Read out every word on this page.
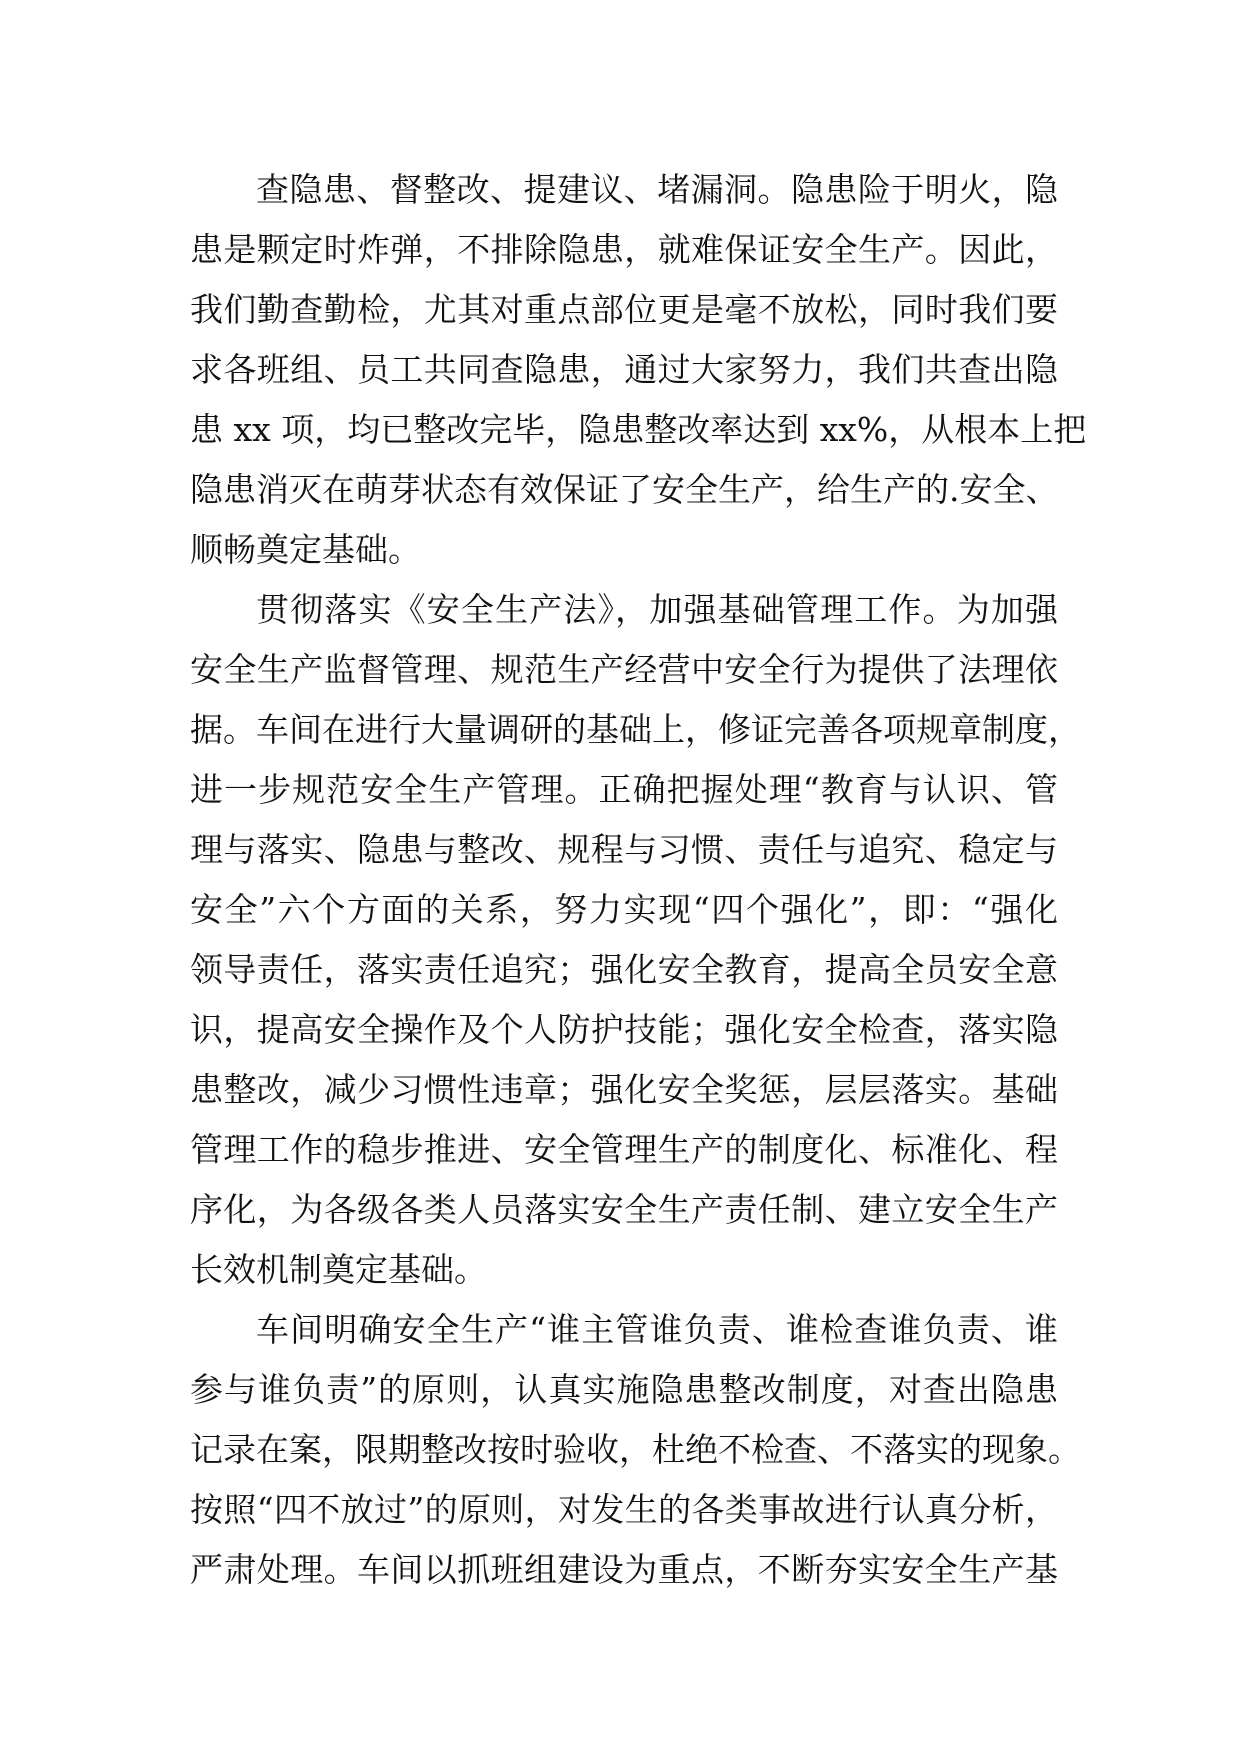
查隐患、督整改、提建议、堵漏洞。隐患险于明火，隐
患是颗定时炸弹，不排除隐患，就难保证安全生产。因此，
我们勤查勤检，尤其对重点部位更是毫不放松，同时我们要
求各班组、员工共同查隐患，通过大家努力，我们共查出隐
患 xx 项，均已整改完毕，隐患整改率达到 xx%，从根本上把
隐患消灭在萌芽状态有效保证了安全生产，给生产的.安全、
顺畅奠定基础。
贯彻落实《安全生产法》，加强基础管理工作。为加强
安全生产监督管理、规范生产经营中安全行为提供了法理依
据。车间在进行大量调研的基础上，修证完善各项规章制度，
进一步规范安全生产管理。正确把握处理“教育与认识、管
理与落实、隐患与整改、规程与习惯、责任与追究、稳定与
安全”六个方面的关系，努力实现“四个强化”，即：“强化
领导责任，落实责任追究；强化安全教育，提高全员安全意
识，提高安全操作及个人防护技能；强化安全检查，落实隐
患整改，减少习惯性违章；强化安全奖惩，层层落实。基础
管理工作的稳步推进、安全管理生产的制度化、标准化、程
序化，为各级各类人员落实安全生产责任制、建立安全生产
长效机制奠定基础。
车间明确安全生产“谁主管谁负责、谁检查谁负责、谁
参与谁负责”的原则，认真实施隐患整改制度，对查出隐患
记录在案，限期整改按时验收，杜绝不检查、不落实的现象。
按照“四不放过”的原则，对发生的各类事故进行认真分析，
严肃处理。车间以抓班组建设为重点，不断夯实安全生产基
